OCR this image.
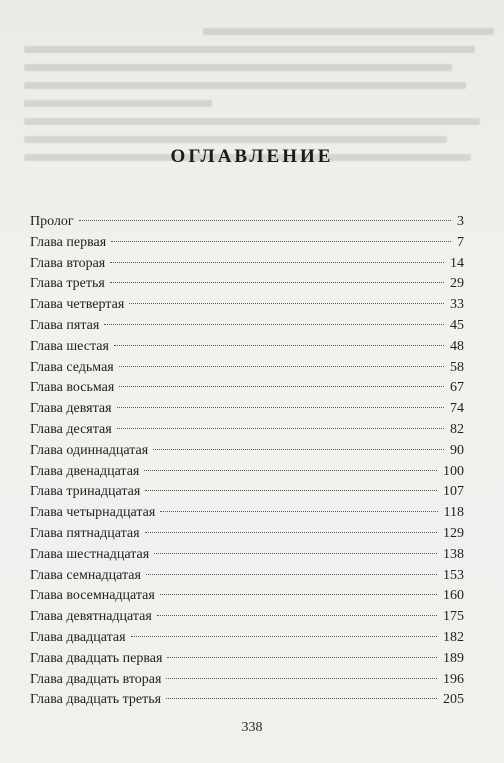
ОГЛАВЛЕНИЕ
Пролог	3
Глава первая	7
Глава вторая	14
Глава третья	29
Глава четвертая	33
Глава пятая	45
Глава шестая	48
Глава седьмая	58
Глава восьмая	67
Глава девятая	74
Глава десятая	82
Глава одиннадцатая	90
Глава двенадцатая	100
Глава тринадцатая	107
Глава четырнадцатая	118
Глава пятнадцатая	129
Глава шестнадцатая	138
Глава семнадцатая	153
Глава восемнадцатая	160
Глава девятнадцатая	175
Глава двадцатая	182
Глава двадцать первая	189
Глава двадцать вторая	196
Глава двадцать третья	205
338
